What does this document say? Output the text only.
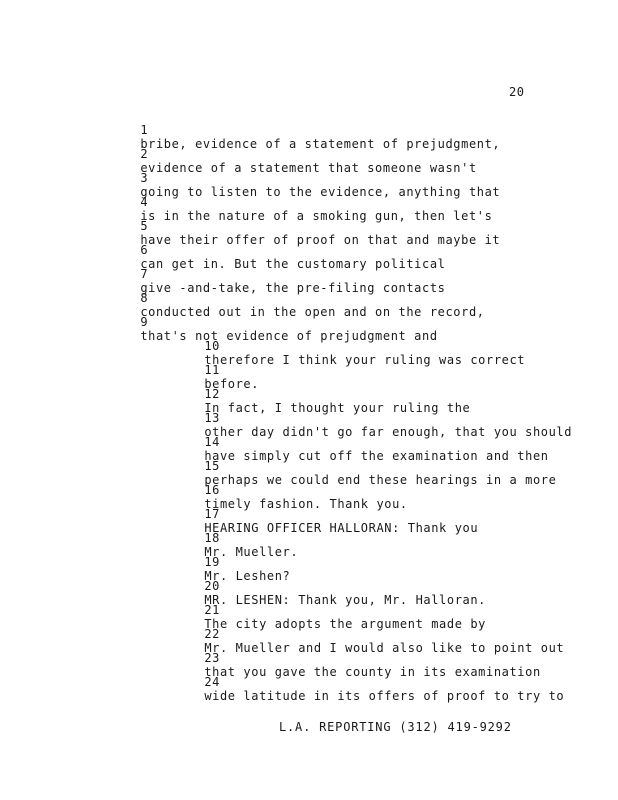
20

1
bribe, evidence of a statement of prejudgment,

2
evidence of a statement that someone wasn't

3
going to listen to the evidence, anything that

4
is in the nature of a smoking gun, then let's

5
have their offer of proof on that and maybe it

6
can get in. But the customary political

7
give -and-take, the pre-filing contacts

8
conducted out in the open and on the record,

9
that's not evidence of prejudgment and

10
therefore I think your ruling was correct

11
before.

12
In fact, I thought your ruling the

13
other day didn't go far enough, that you should

14
have simply cut off the examination and then

15
perhaps we could end these hearings in a more

16
timely fashion. Thank you.

17
HEARING OFFICER HALLORAN: Thank you

18
Mr. Mueller.

19
Mr. Leshen?

20
MR. LESHEN: Thank you, Mr. Halloran.

21
The city adopts the argument made by

22
Mr. Mueller and I would also like to point out

23
that you gave the county in its examination

24
wide latitude in its offers of proof to try to

L.A. REPORTING (312) 419-9292
